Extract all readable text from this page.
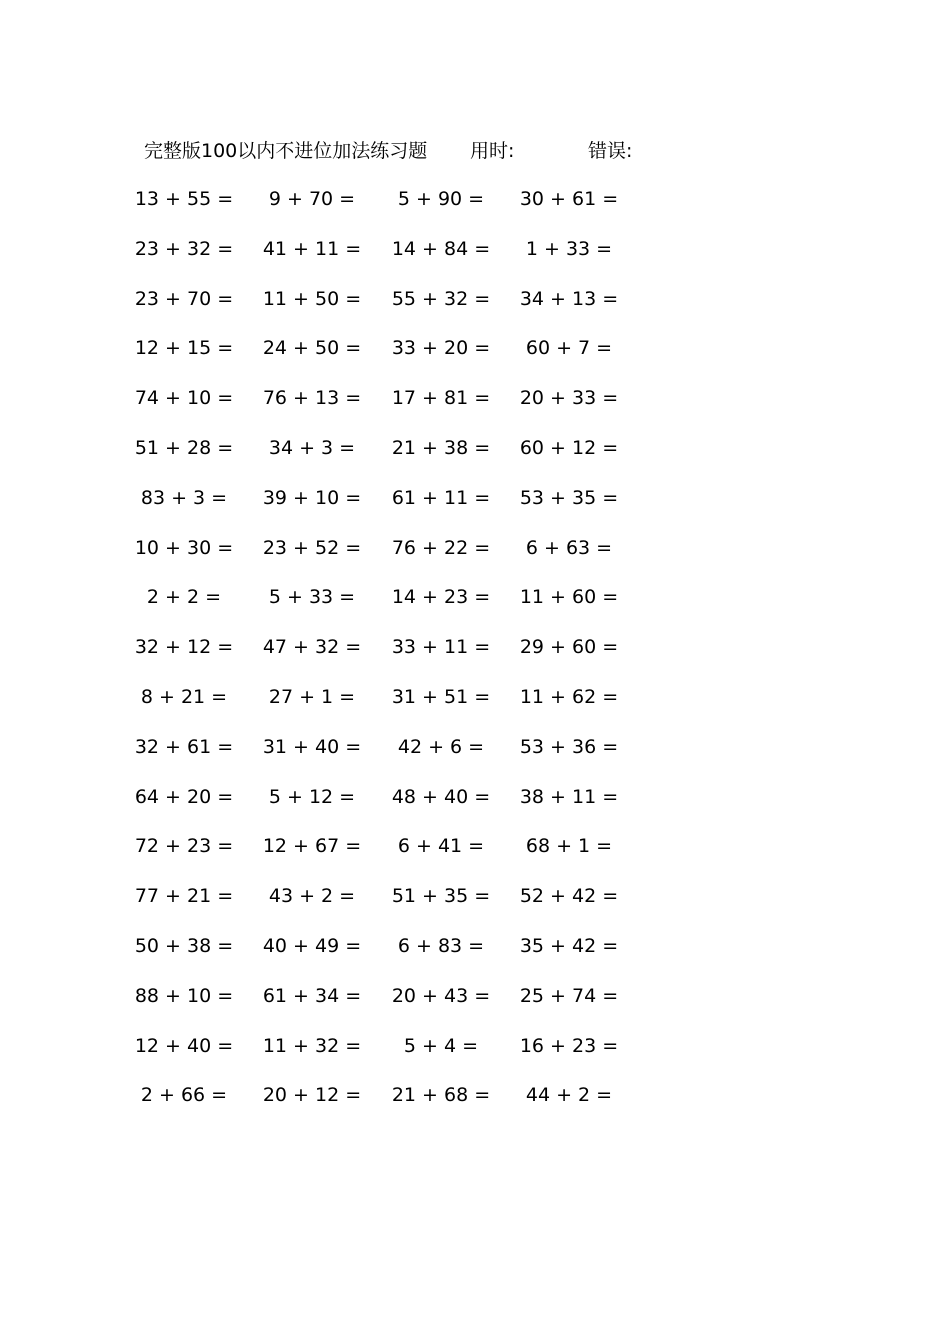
完整版100以内不进位加法练习题 用时:	错误:
13 + 55 =	9 + 70 =	5 + 90 =	30 + 61 =
23 + 32 =	41 + 11 =	14 + 84 =	1 + 33 =
23 + 70 =	11 + 50 =	55 + 32 =	34 + 13 =
12 + 15 =	24 + 50 =	33 + 20 =	60 + 7 =
74 + 10 =	76 + 13 =	17 + 81 =	20 + 33 =
51 + 28 =	34 + 3 =	21 + 38 =	60 + 12 =
83 + 3 =	39 + 10 =	61 + 11 =	53 + 35 =
10 + 30 =	23 + 52 =	76 + 22 =	6 + 63 =
2 + 2 =	5 + 33 =	14 + 23 =	11 + 60 =
32 + 12 =	47 + 32 =	33 + 11 =	29 + 60 =
8 + 21 =	27 + 1 =	31 + 51 =	11 + 62 =
32 + 61 =	31 + 40 =	42 + 6 =	53 + 36 =
64 + 20 =	5 + 12 =	48 + 40 =	38 + 11 =
72 + 23 =	12 + 67 =	6 + 41 =	68 + 1 =
77 + 21 =	43 + 2 =	51 + 35 =	52 + 42 =
50 + 38 =	40 + 49 =	6 + 83 =	35 + 42 =
88 + 10 =	61 + 34 =	20 + 43 =	25 + 74 =
12 + 40 =	11 + 32 =	5 + 4 =	16 + 23 =
2 + 66 =	20 + 12 =	21 + 68 =	44 + 2 =
